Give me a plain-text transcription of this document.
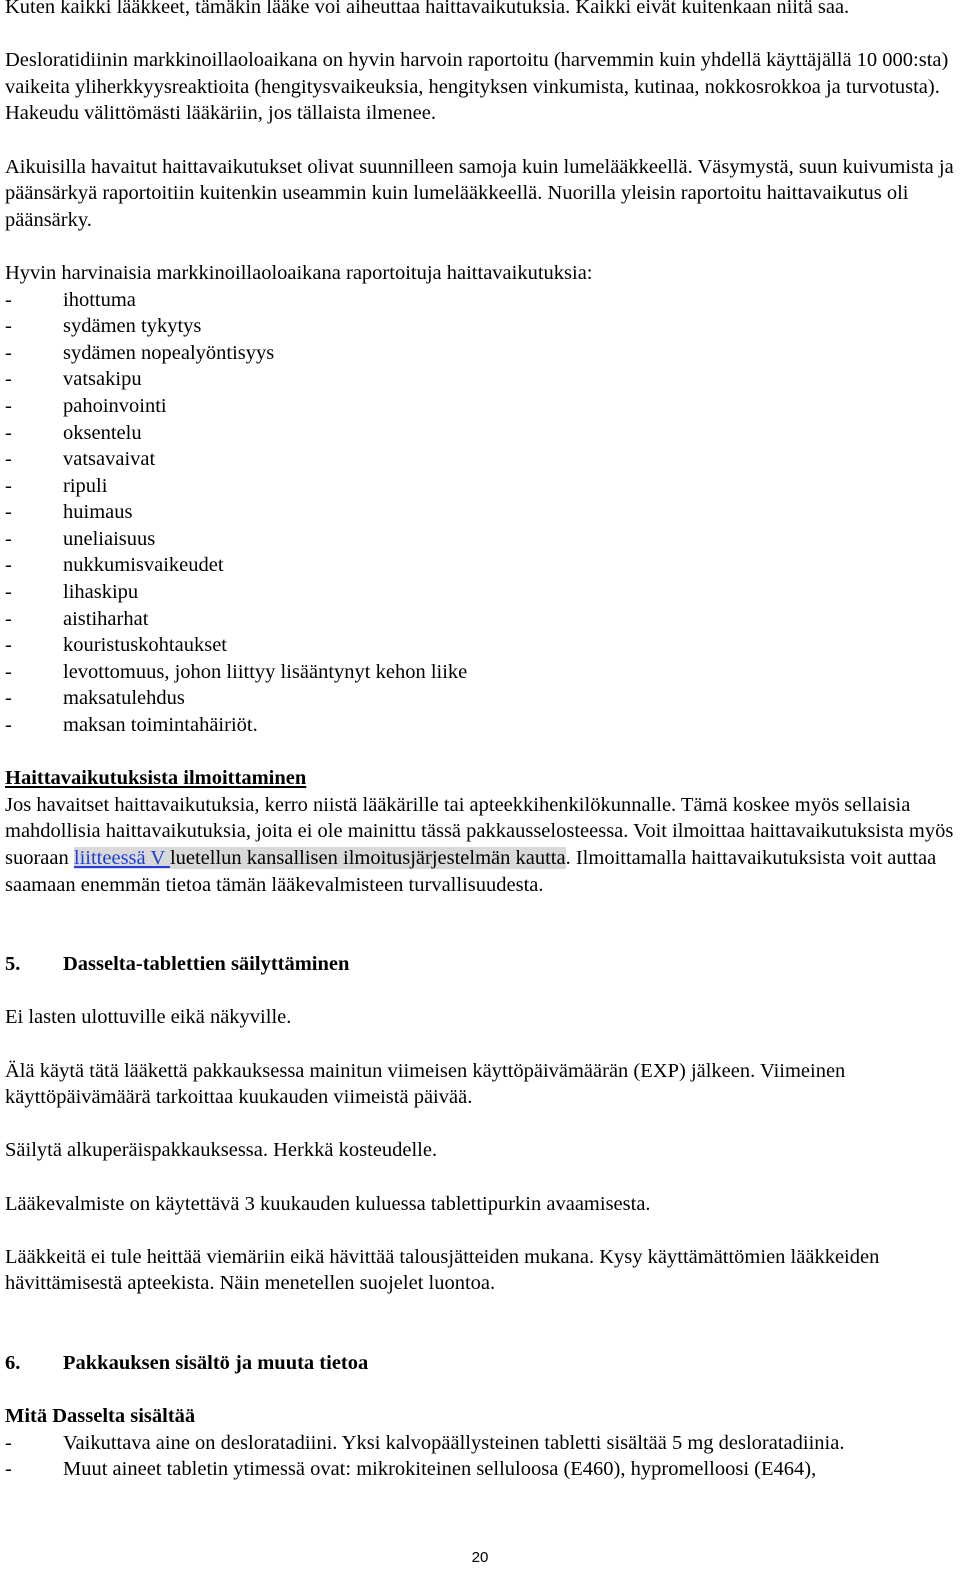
Kuten kaikki lääkkeet, tämäkin lääke voi aiheuttaa haittavaikutuksia. Kaikki eivät kuitenkaan niitä saa.

Desloratidiinin markkinoillaoloaikana on hyvin harvoin raportoitu (harvemmin kuin yhdellä käyttäjällä 10 000:sta) vaikeita yliherkkyysreaktioita (hengitysvaikeuksia, hengityksen vinkumista, kutinaa, nokkosrokkoa ja turvotusta). Hakeudu välittömästi lääkäriin, jos tällaista ilmenee.

Aikuisilla havaitut haittavaikutukset olivat suunnilleen samoja kuin lumelääkkeellä. Väsymystä, suun kuivumista ja päänsärkyä raportoitiin kuitenkin useammin kuin lumelääkkeellä. Nuorilla yleisin raportoitu haittavaikutus oli päänsärky.

Hyvin harvinaisia markkinoillaoloaikana raportoituja haittavaikutuksia:

-	ihottuma
-	sydämen tykytys
-	sydämen nopealyöntisyys
-	vatsakipu
-	pahoinvointi
-	oksentelu
-	vatsavaivat
-	ripuli
-	huimaus
-	uneliaisuus
-	nukkumisvaikeudet
-	lihaskipu
-	aistiharhat
-	kouristuskohtaukset
-	levottomuus, johon liittyy lisääntynyt kehon liike
-	maksatulehdus
-	maksan toimintahäiriöt.

Haittavaikutuksista ilmoittaminen

Jos havaitset haittavaikutuksia, kerro niistä lääkärille tai apteekkihenkilökunnalle. Tämä koskee myös sellaisia mahdollisia haittavaikutuksia, joita ei ole mainittu tässä pakkausselosteessa. Voit ilmoittaa haittavaikutuksista myös suoraan liitteessä V luetellun kansallisen ilmoitusjärjestelmän kautta. Ilmoittamalla haittavaikutuksista voit auttaa saamaan enemmän tietoa tämän lääkevalmisteen turvallisuudesta.

5.	Dasselta-tablettien säilyttäminen

Ei lasten ulottuville eikä näkyville.

Älä käytä tätä lääkettä pakkauksessa mainitun viimeisen käyttöpäivämäärän (EXP) jälkeen. Viimeinen käyttöpäivämäärä tarkoittaa kuukauden viimeistä päivää.

Säilytä alkuperäispakkauksessa. Herkkä kosteudelle.

Lääkevalmiste on käytettävä 3 kuukauden kuluessa tablettipurkin avaamisesta.

Lääkkeitä ei tule heittää viemäriin eikä hävittää talousjätteiden mukana. Kysy käyttämättömien lääkkeiden hävittämisestä apteekista. Näin menetellen suojelet luontoa.

6.	Pakkauksen sisältö ja muuta tietoa

Mitä Dasselta sisältää

-	Vaikuttava aine on desloratadiini. Yksi kalvopäällysteinen tabletti sisältää 5 mg desloratadiinia.
-	Muut aineet tabletin ytimessä ovat: mikrokiteinen selluloosa (E460), hypromelloosi (E464),
20
